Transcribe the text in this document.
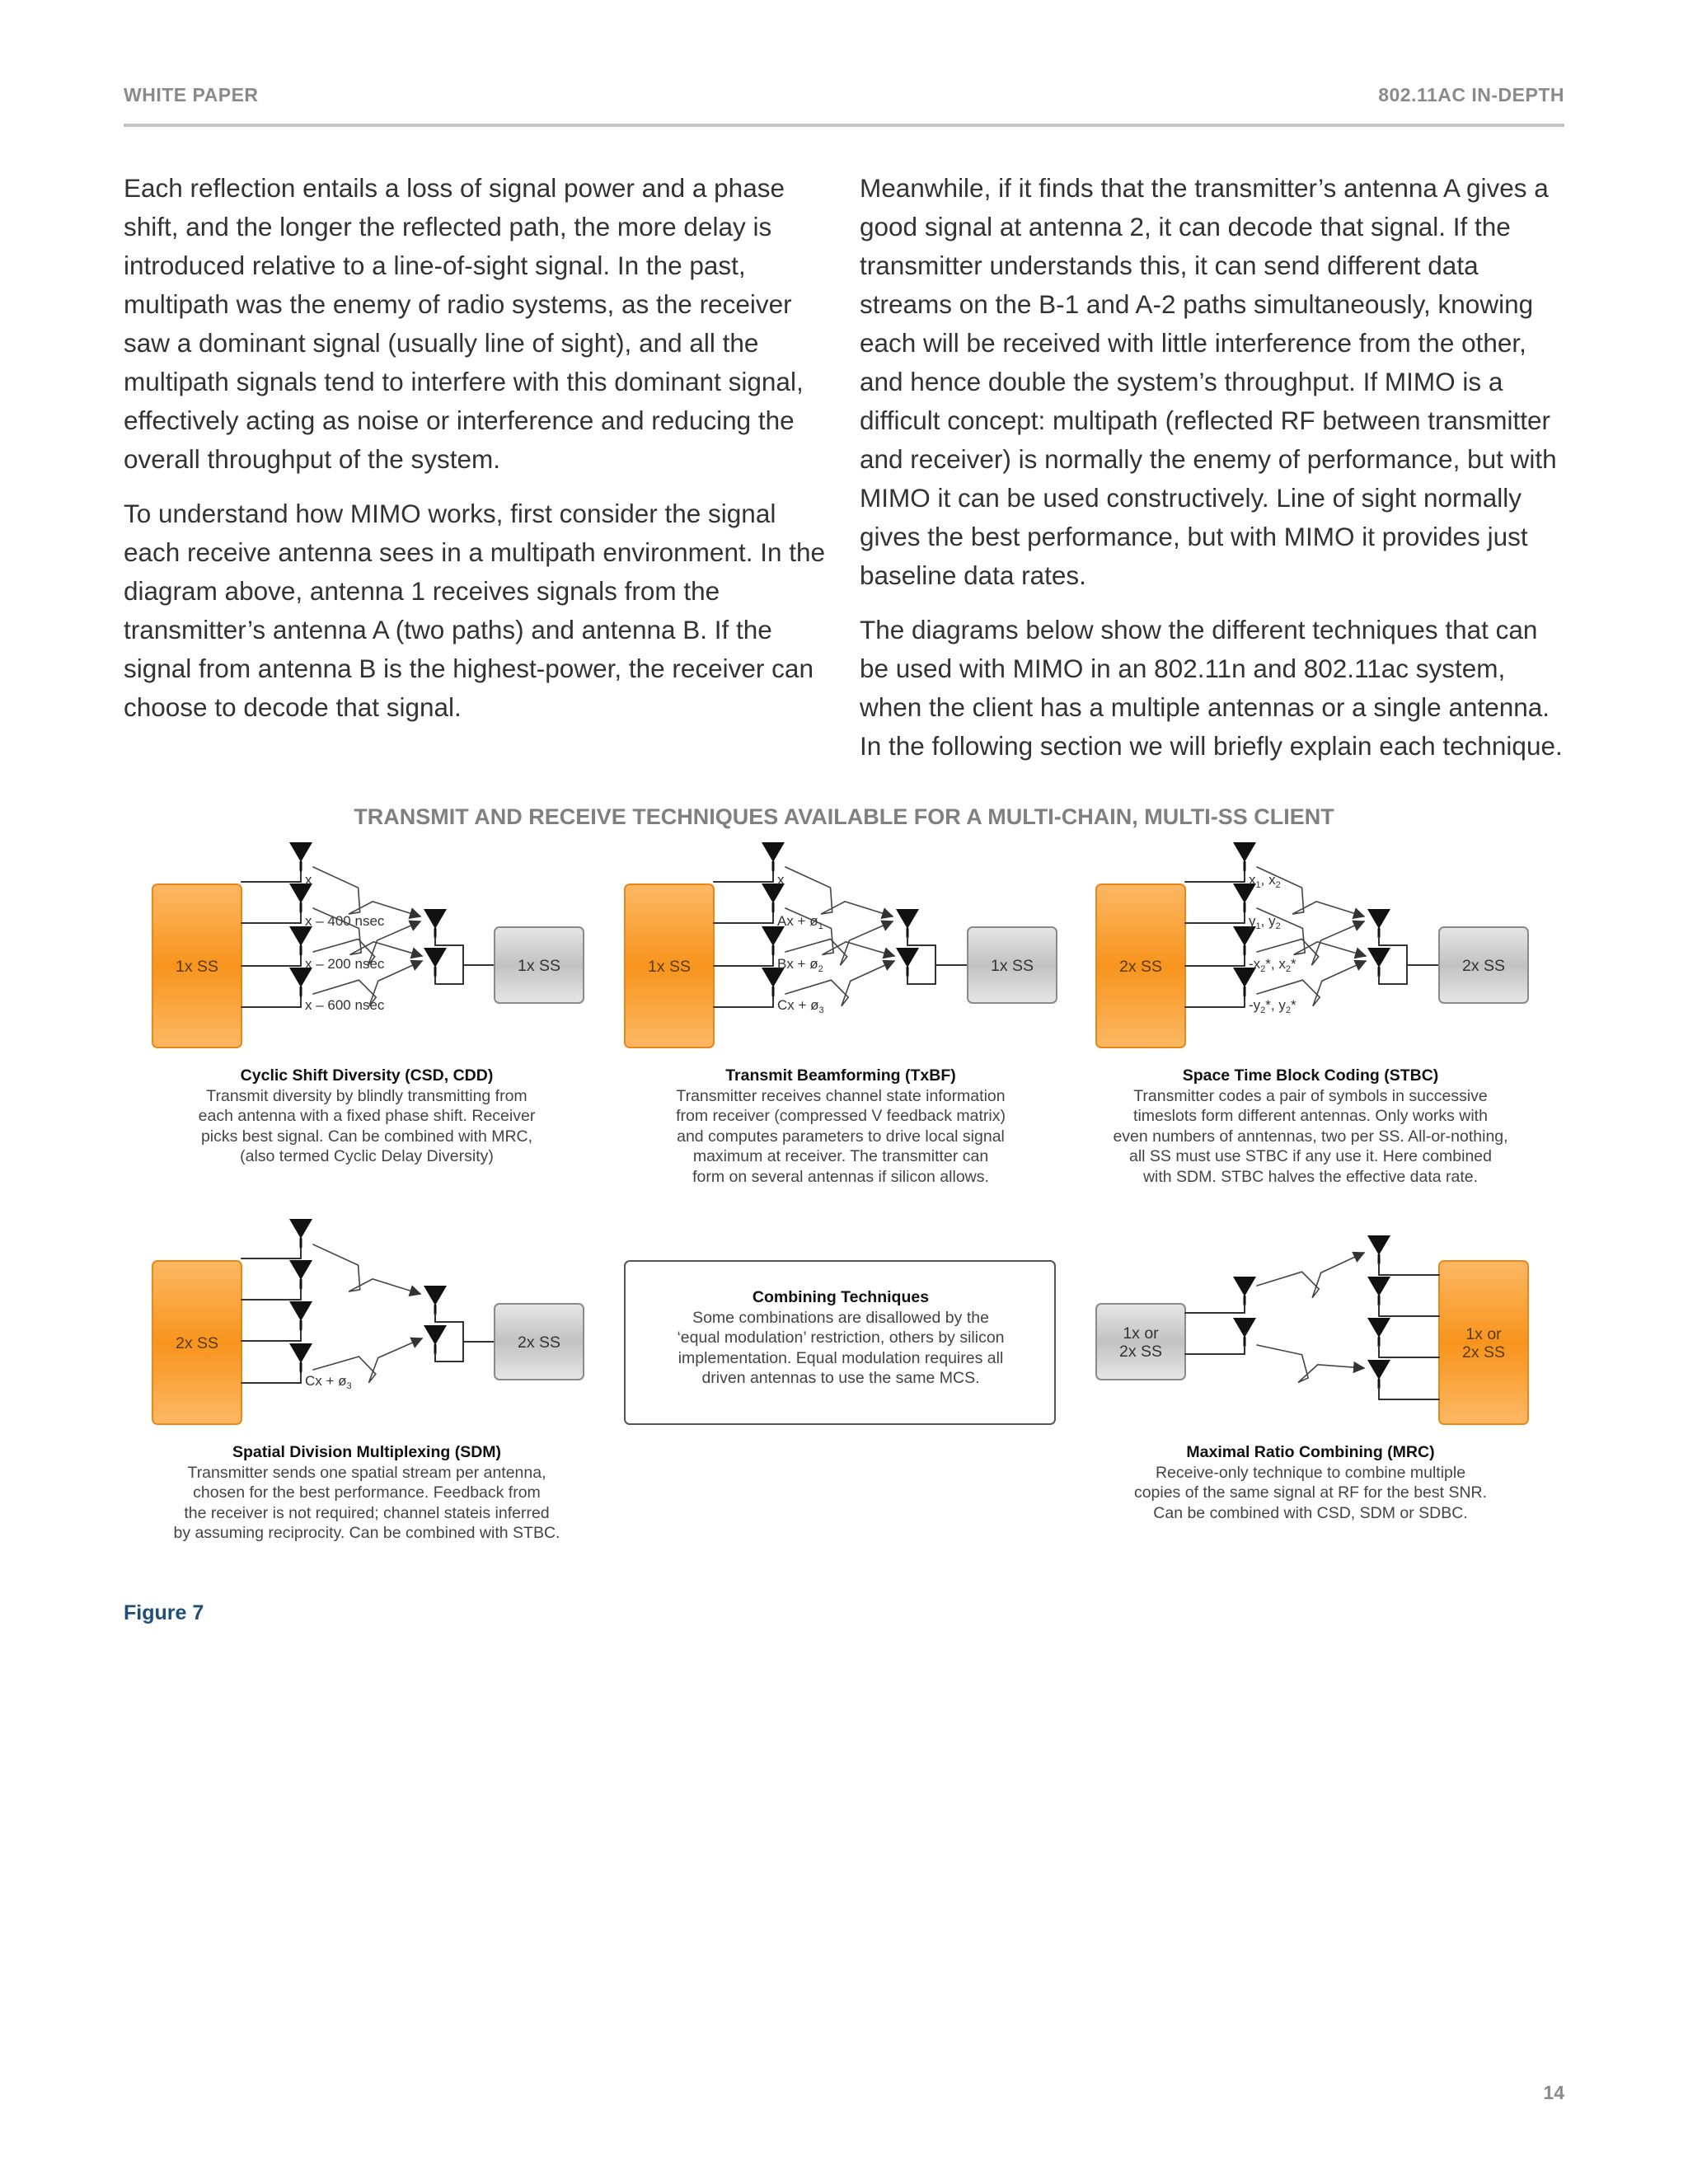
WHITE PAPER	802.11AC IN-DEPTH

Each reflection entails a loss of signal power and a phase shift, and the longer the reflected path, the more delay is introduced relative to a line-of-sight signal. In the past, multipath was the enemy of radio systems, as the receiver saw a dominant signal (usually line of sight), and all the multipath signals tend to interfere with this dominant signal, effectively acting as noise or interference and reducing the overall throughput of the system.

To understand how MIMO works, first consider the signal each receive antenna sees in a multipath environment. In the diagram above, antenna 1 receives signals from the transmitter’s antenna A (two paths) and antenna B. If the signal from antenna B is the highest-power, the receiver can choose to decode that signal.

Meanwhile, if it finds that the transmitter’s antenna A gives a good signal at antenna 2, it can decode that signal. If the transmitter understands this, it can send different data streams on the B-1 and A-2 paths simultaneously, knowing each will be received with little interference from the other, and hence double the system’s throughput. If MIMO is a difficult concept: multipath (reflected RF between transmitter and receiver) is normally the enemy of performance, but with MIMO it can be used constructively. Line of sight normally gives the best performance, but with MIMO it provides just baseline data rates.

The diagrams below show the different techniques that can be used with MIMO in an 802.11n and 802.11ac system, when the client has a multiple antennas or a single antenna. In the following section we will briefly explain each technique.

TRANSMIT AND RECEIVE TECHNIQUES AVAILABLE FOR A MULTI-CHAIN, MULTI-SS CLIENT
1x SS
x
x – 400 nsec
x – 200 nsec
x – 600 nsec
1x SS	1x SS
x
$Ax + ø_1$
$Bx + ø_2$
$Cx + ø_3$
1x SS	2x SS
$x_1$, $x_2$
$y_1$, $y_2$
$-x_2*$, $x_2*$
$-y_2*$, $y_2*$
2x SS
2x SS
$Cx + ø_3$
2x SS	1x or
2x SS
1x or
2x SS
Cyclic Shift Diversity (CSD, CDD)
Transmit diversity by blindly transmitting from
each antenna with a fixed phase shift. Receiver
picks best signal. Can be combined with MRC,
(also termed Cyclic Delay Diversity)
Transmit Beamforming (TxBF)
Transmitter receives channel state information
from receiver (compressed V feedback matrix)
and computes parameters to drive local signal
maximum at receiver. The transmitter can
form on several antennas if silicon allows.
Space Time Block Coding (STBC)
Transmitter codes a pair of symbols in successive
timeslots form different antennas. Only works with
even numbers of anntennas, two per SS. All-or-nothing,
all SS must use STBC if any use it. Here combined
with SDM. STBC halves the effective data rate.
Spatial Division Multiplexing (SDM)
Transmitter sends one spatial stream per antenna,
chosen for the best performance. Feedback from
the receiver is not required; channel stateis inferred
by assuming reciprocity. Can be combined with STBC.
Combining Techniques
Some combinations are disallowed by the
‘equal modulation’ restriction, others by silicon
implementation. Equal modulation requires all
driven antennas to use the same MCS.
Maximal Ratio Combining (MRC)
Receive-only technique to combine multiple
copies of the same signal at RF for the best SNR.
Can be combined with CSD, SDM or SDBC.
Figure 7
14
